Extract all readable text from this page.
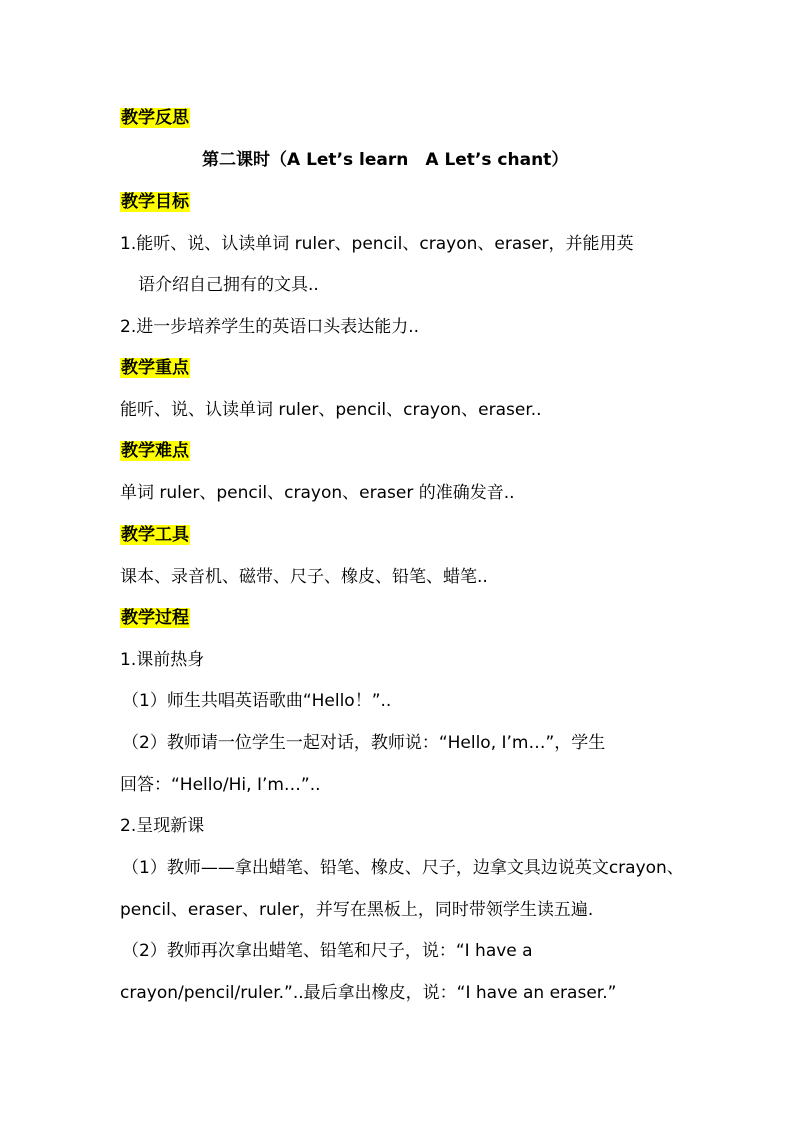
教学反思
第二课时（A Let’s learn　A Let’s chant）
教学目标
1.能听、说、认读单词 ruler、pencil、crayon、eraser，并能用英
语介绍自己拥有的文具..
2.进一步培养学生的英语口头表达能力..
教学重点
能听、说、认读单词 ruler、pencil、crayon、eraser..
教学难点
单词 ruler、pencil、crayon、eraser 的准确发音..
教学工具
课本、录音机、磁带、尺子、橡皮、铅笔、蜡笔..
教学过程
1.课前热身
（1）师生共唱英语歌曲“Hello！”..
（2）教师请一位学生一起对话，教师说：“Hello, I’m…”，学生
回答：“Hello/Hi, I’m…”..
2.呈现新课
（1）教师——拿出蜡笔、铅笔、橡皮、尺子，边拿文具边说英文crayon、
pencil、eraser、ruler，并写在黑板上，同时带领学生读五遍.
（2）教师再次拿出蜡笔、铅笔和尺子，说：“I have a
crayon/pencil/ruler.”..最后拿出橡皮，说：“I have an eraser.”
